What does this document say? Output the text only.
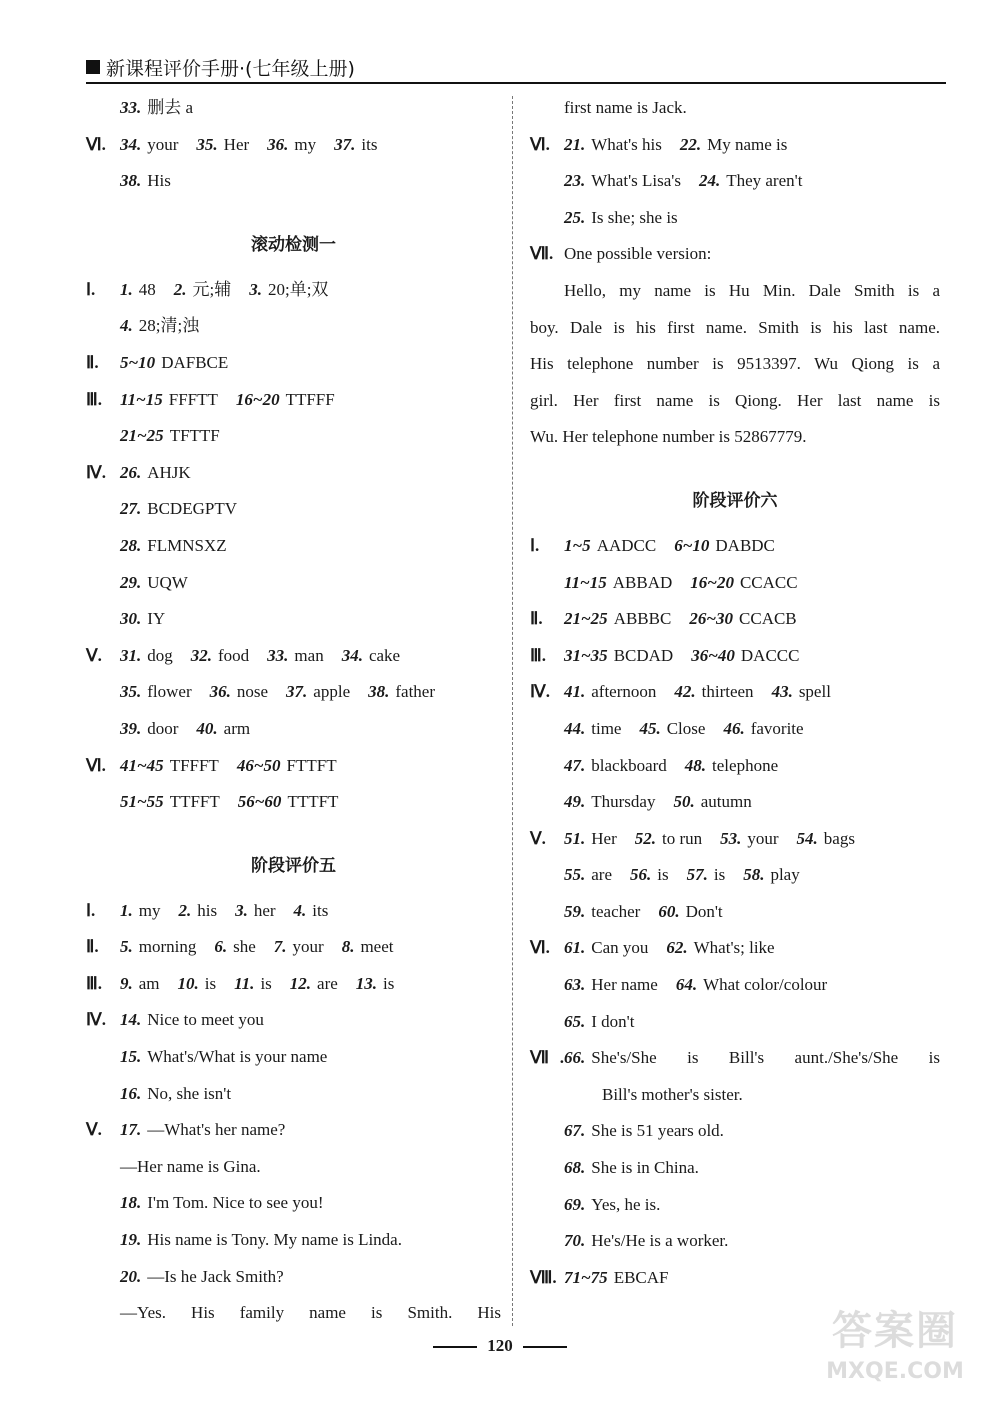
新课程评价手册· (七年级上册)
33. 删去 a
Ⅵ. 34. your 35. Her 36. my 37. its
38. His
滚动检测一
Ⅰ. 1. 48 2. 元;辅 3. 20;单;双
4. 28;清;浊
Ⅱ. 5~10 DAFBCE
Ⅲ. 11~15 FFFTT 16~20 TTFFF
21~25 TFTTF
Ⅳ. 26. AHJK
27. BCDEGPTV
28. FLMNSXZ
29. UQW
30. IY
Ⅴ. 31. dog 32. food 33. man 34. cake
35. flower 36. nose 37. apple 38. father
39. door 40. arm
Ⅵ. 41~45 TFFFT 46~50 FTTFT
51~55 TTFFT 56~60 TTTFT
阶段评价五
Ⅰ. 1. my 2. his 3. her 4. its
Ⅱ. 5. morning 6. she 7. your 8. meet
Ⅲ. 9. am 10. is 11. is 12. are 13. is
Ⅳ. 14. Nice to meet you
15. What's/What is your name
16. No, she isn't
Ⅴ. 17. —What's her name?
—Her name is Gina.
18. I'm Tom. Nice to see you!
19. His name is Tony. My name is Linda.
20. —Is he Jack Smith?
—Yes. His family name is Smith. His
first name is Jack.
Ⅵ. 21. What's his 22. My name is
23. What's Lisa's 24. They aren't
25. Is she; she is
Ⅶ. One possible version:
Hello, my name is Hu Min. Dale Smith is a
boy. Dale is his first name. Smith is his last name.
His telephone number is 9513397. Wu Qiong is a
girl. Her first name is Qiong. Her last name is
Wu. Her telephone number is 52867779.
阶段评价六
Ⅰ. 1~5 AADCC 6~10 DABDC
11~15 ABBAD 16~20 CCACC
Ⅱ. 21~25 ABBBC 26~30 CCACB
Ⅲ. 31~35 BCDAD 36~40 DACCC
Ⅳ. 41. afternoon 42. thirteen 43. spell
44. time 45. Close 46. favorite
47. blackboard 48. telephone
49. Thursday 50. autumn
Ⅴ. 51. Her 52. to run 53. your 54. bags
55. are 56. is 57. is 58. play
59. teacher 60. Don't
Ⅵ. 61. Can you 62. What's; like
63. Her name 64. What color/colour
65. I don't
Ⅶ.66. She's/She is Bill's aunt./She's/She is
Bill's mother's sister.
67. She is 51 years old.
68. She is in China.
69. Yes, he is.
70. He's/He is a worker.
Ⅷ. 71~75 EBCAF
120	答案圈
MXQE.COM
